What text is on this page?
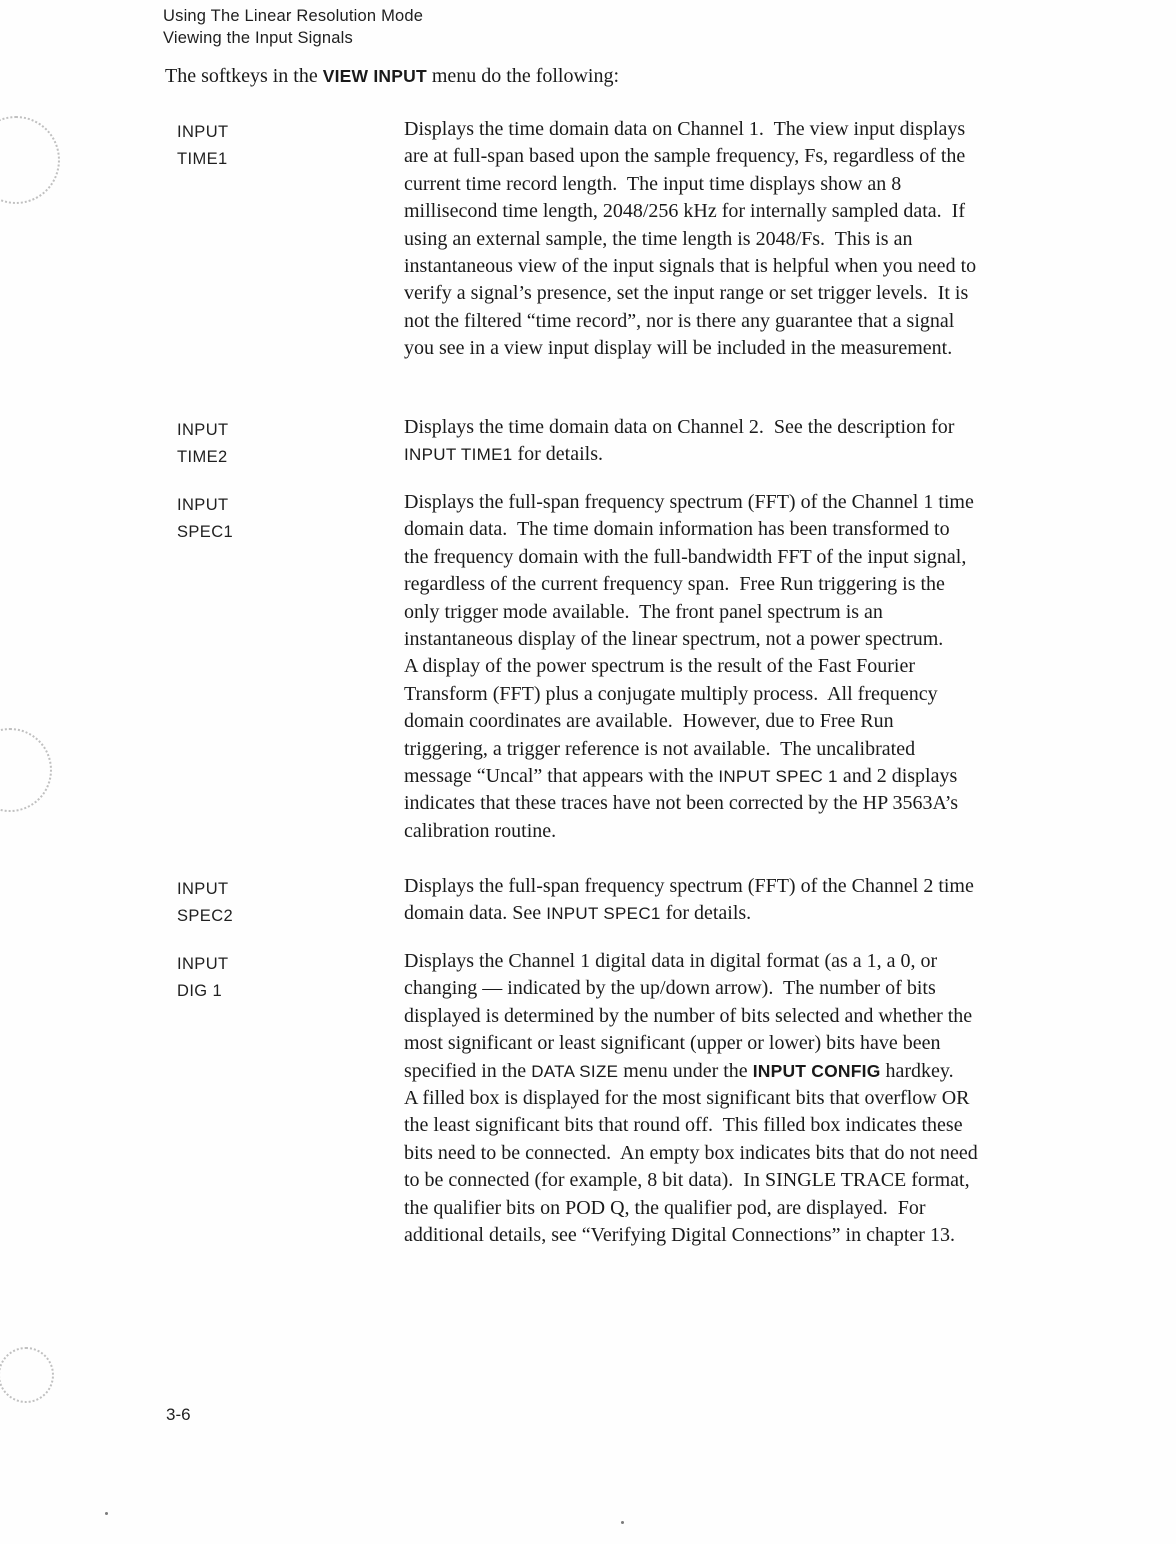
Using The Linear Resolution Mode
Viewing the Input Signals
The softkeys in the VIEW INPUT menu do the following:
INPUT
TIME1
Displays the time domain data on Channel 1.  The view input displays
are at full-span based upon the sample frequency, Fs, regardless of the
current time record length.  The input time displays show an 8
millisecond time length, 2048/256 kHz for internally sampled data.  If
using an external sample, the time length is 2048/Fs.  This is an
instantaneous view of the input signals that is helpful when you need to
verify a signal’s presence, set the input range or set trigger levels.  It is
not the filtered “time record”, nor is there any guarantee that a signal
you see in a view input display will be included in the measurement.
INPUT
TIME2
Displays the time domain data on Channel 2.  See the description for
INPUT TIME1 for details.
INPUT
SPEC1
Displays the full-span frequency spectrum (FFT) of the Channel 1 time
domain data.  The time domain information has been transformed to
the frequency domain with the full-bandwidth FFT of the input signal,
regardless of the current frequency span.  Free Run triggering is the
only trigger mode available.  The front panel spectrum is an
instantaneous display of the linear spectrum, not a power spectrum.
A display of the power spectrum is the result of the Fast Fourier
Transform (FFT) plus a conjugate multiply process.  All frequency
domain coordinates are available.  However, due to Free Run
triggering, a trigger reference is not available.  The uncalibrated
message “Uncal” that appears with the INPUT SPEC 1 and 2 displays
indicates that these traces have not been corrected by the HP 3563A’s
calibration routine.
INPUT
SPEC2
Displays the full-span frequency spectrum (FFT) of the Channel 2 time
domain data. See INPUT SPEC1 for details.
INPUT
DIG 1
Displays the Channel 1 digital data in digital format (as a 1, a 0, or
changing — indicated by the up/down arrow).  The number of bits
displayed is determined by the number of bits selected and whether the
most significant or least significant (upper or lower) bits have been
specified in the DATA SIZE menu under the INPUT CONFIG hardkey.
A filled box is displayed for the most significant bits that overflow OR
the least significant bits that round off.  This filled box indicates these
bits need to be connected.  An empty box indicates bits that do not need
to be connected (for example, 8 bit data).  In SINGLE TRACE format,
the qualifier bits on POD Q, the qualifier pod, are displayed.  For
additional details, see “Verifying Digital Connections” in chapter 13.
3-6
